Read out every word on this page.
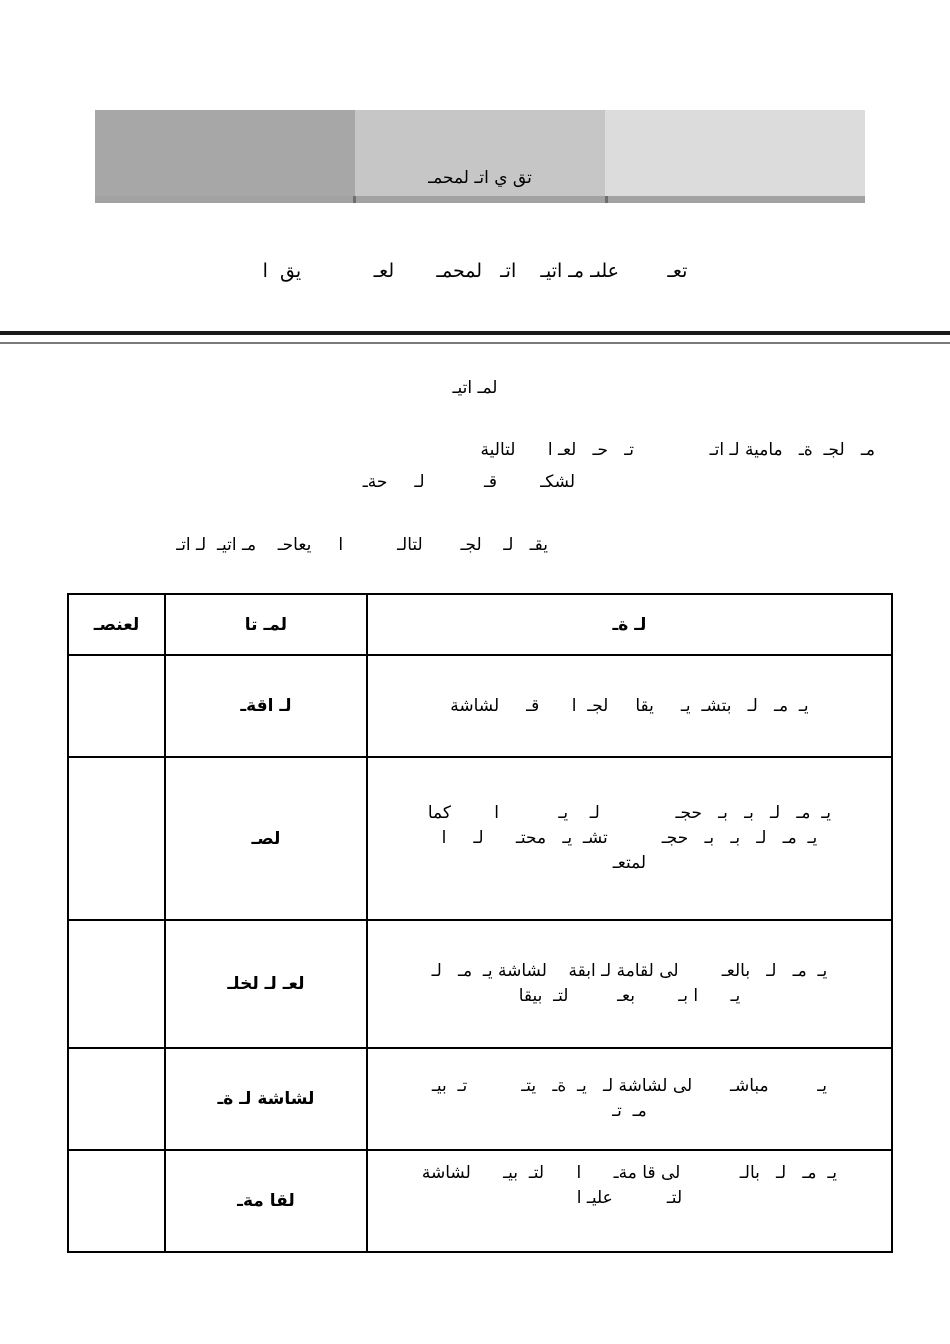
تق ي اتـ لمحمـ
تعـ        علىـ مـ اتيـ    اتـ   لمحمـ       لعـ            يق  ا
لمـ اتيـ
مـ   لجـ  ةـ   مامية لـ اتـ              تـ   حـ   لعـ ا      لتالية
لشكـ        قـ           لـ     حةـ
يقـ   لـ    لجـ       لتالـ          ا     يعاحـ    مـ اتيـ  لـ اتـ
لـ ةـ	لمـ تا	لعنصـ

يـ  مـ   لـ   بتشـ  يـ     يقا     لجـ  ا      قـ     لشاشة	لـ اقةـ	

يـ  مـ   لـ   بـ   بـ   حجـ              لـ    يـ           ا        كما
يـ  مـ   لـ   بـ   بـ   حجـ          تشـ  يـ   محتـ      لـ     ا
لمتعـ	لصـ	

يـ  مـ   لـ   بالعـ        لى لقامة لـ ابقة    لشاشة يـ  مـ   لـ
يـ      ا بـ        بعـ         لتـ  بيقا	لعـ لـ لخلـ	

يـ         مباشـ       لى لشاشة لـ   يـ  ةـ   يتـ          تـ  بيـ
مـ  تـ	لشاشة لـ ةـ	

يـ  مـ   لـ   بالـ           لى قا مةـ      ا      لتـ  بيـ      لشاشة
لتـ          عليـ ا	لقا مةـ	
